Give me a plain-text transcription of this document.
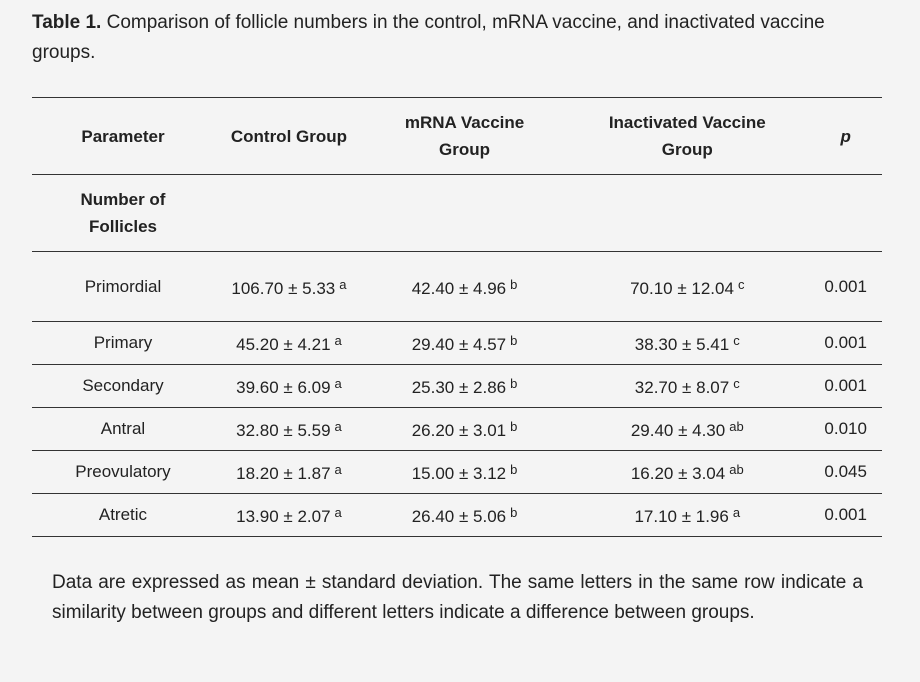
Table 1. Comparison of follicle numbers in the control, mRNA vaccine, and inactivated vaccine groups.
Parameter	Control Group	mRNA Vaccine Group	Inactivated Vaccine Group	p
Number of Follicles				
Primordial	106.70 ± 5.33 $^a$	42.40 ± 4.96 $^b$	70.10 ± 12.04 $^c$	0.001
Primary	45.20 ± 4.21 $^a$	29.40 ± 4.57 $^b$	38.30 ± 5.41 $^c$	0.001
Secondary	39.60 ± 6.09 $^a$	25.30 ± 2.86 $^b$	32.70 ± 8.07 $^c$	0.001
Antral	32.80 ± 5.59 $^a$	26.20 ± 3.01 $^b$	29.40 ± 4.30 $^{ab}$	0.010
Preovulatory	18.20 ± 1.87 $^a$	15.00 ± 3.12 $^b$	16.20 ± 3.04 $^{ab}$	0.045
Atretic	13.90 ± 2.07 $^a$	26.40 ± 5.06 $^b$	17.10 ± 1.96 $^a$	0.001
Data are expressed as mean ± standard deviation. The same letters in the same row indicate a similarity between groups and different letters indicate a difference between groups.
